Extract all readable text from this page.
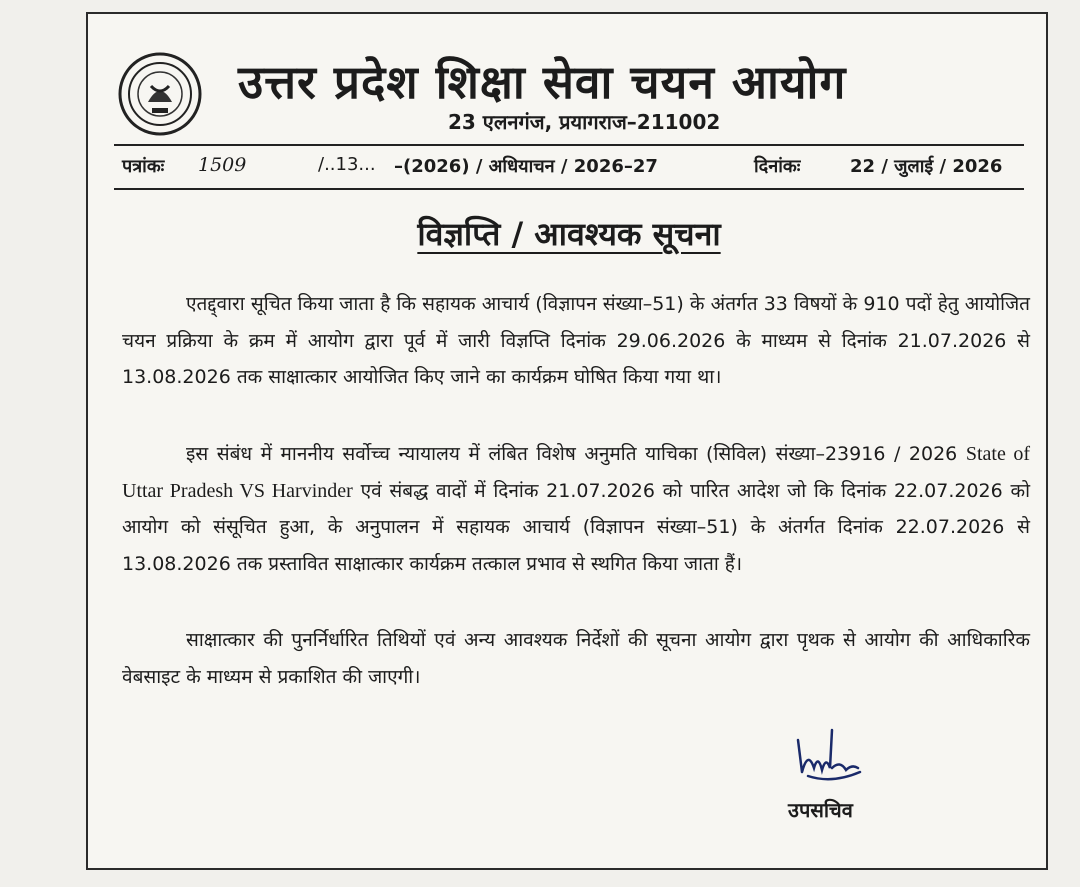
उत्तर प्रदेश शिक्षा सेवा चयन आयोग
23 एलनगंज, प्रयागराज–211002
पत्रांकः 1509	/..13... –(2026) / अधियाचन / 2026–27	दिनांकः	22 / जुलाई / 2026
विज्ञप्ति / आवश्यक सूचना

एतद्द्वारा सूचित किया जाता है कि सहायक आचार्य (विज्ञापन संख्या–51) के अंतर्गत 33 विषयों के 910 पदों हेतु आयोजित चयन प्रक्रिया के क्रम में आयोग द्वारा पूर्व में जारी विज्ञप्ति दिनांक 29.06.2026 के माध्यम से दिनांक 21.07.2026 से 13.08.2026 तक साक्षात्कार आयोजित किए जाने का कार्यक्रम घोषित किया गया था।

इस संबंध में माननीय सर्वोच्च न्यायालय में लंबित विशेष अनुमति याचिका (सिविल) संख्या–23916 / 2026 State of Uttar Pradesh VS Harvinder एवं संबद्ध वादों में दिनांक 21.07.2026 को पारित आदेश जो कि दिनांक 22.07.2026 को आयोग को संसूचित हुआ, के अनुपालन में सहायक आचार्य (विज्ञापन संख्या–51) के अंतर्गत दिनांक 22.07.2026 से 13.08.2026 तक प्रस्तावित साक्षात्कार कार्यक्रम तत्काल प्रभाव से स्थगित किया जाता हैं।

साक्षात्कार की पुनर्निर्धारित तिथियों एवं अन्य आवश्यक निर्देशों की सूचना आयोग द्वारा पृथक से आयोग की आधिकारिक वेबसाइट के माध्यम से प्रकाशित की जाएगी।

उपसचिव
